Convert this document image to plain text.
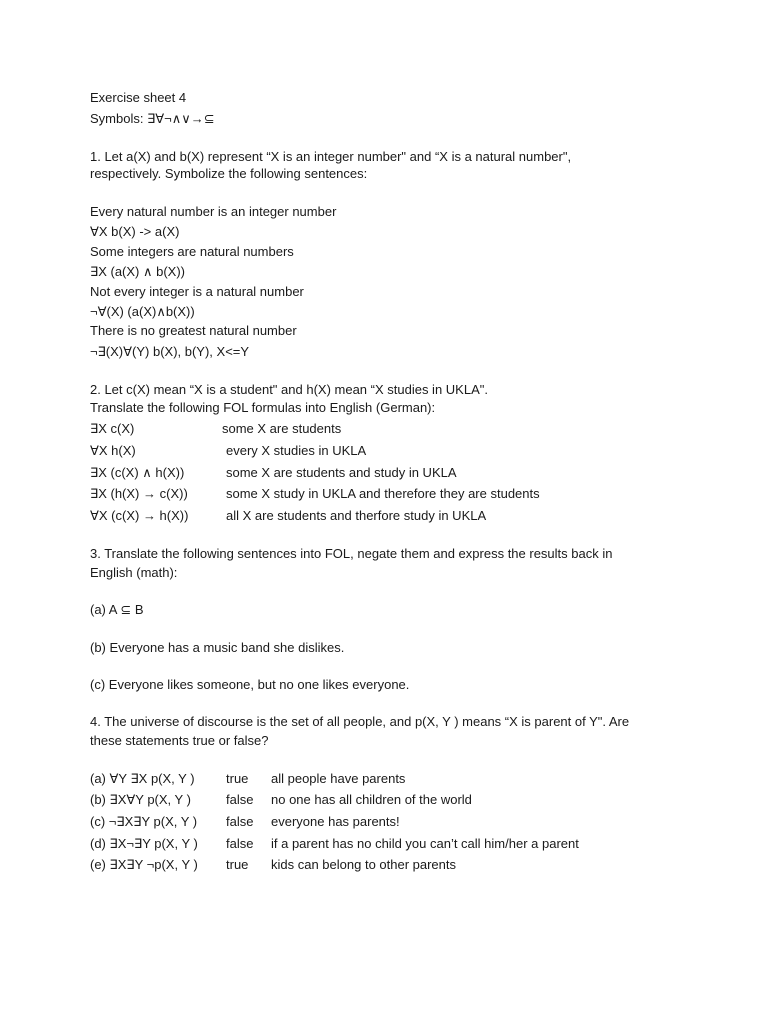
Exercise sheet 4
Symbols: ∃∀¬∧∨→⊆
1. Let a(X) and b(X) represent “X is an integer number" and “X is a natural number",
respectively. Symbolize the following sentences:
Every natural number is an integer number
∀X b(X) -> a(X)
Some integers are natural numbers
∃X (a(X) ∧ b(X))
Not every integer is a natural number
¬∀(X) (a(X)∧b(X))
There is no greatest natural number
¬∃(X)∀(Y) b(X), b(Y), X<=Y
2. Let c(X) mean “X is a student" and h(X) mean “X studies in UKLA".
Translate the following FOL formulas into English (German):
∃X c(X)	some X are students
∀X h(X)	every X studies in UKLA
∃X (c(X) ∧ h(X))	some X are students and study in UKLA
∃X (h(X) → c(X))	some X study in UKLA and therefore they are students
∀X (c(X) → h(X))	all X are students and therfore study in UKLA
3. Translate the following sentences into FOL, negate them and express the results back in
English (math):
(a) A ⊆ B
(b) Everyone has a music band she dislikes.
(c) Everyone likes someone, but no one likes everyone.
4. The universe of discourse is the set of all people, and p(X, Y ) means “X is parent of Y". Are
these statements true or false?
(a) ∀Y ∃X p(X, Y ) true all people have parents
(b) ∃X∀Y p(X, Y )	false no one has all children of the world
(c) ¬∃X∃Y p(X, Y ) false everyone has parents!
(d) ∃X¬∃Y p(X, Y ) false if a parent has no child you can’t call him/her a parent
(e) ∃X∃Y ¬p(X, Y ) true kids can belong to other parents
